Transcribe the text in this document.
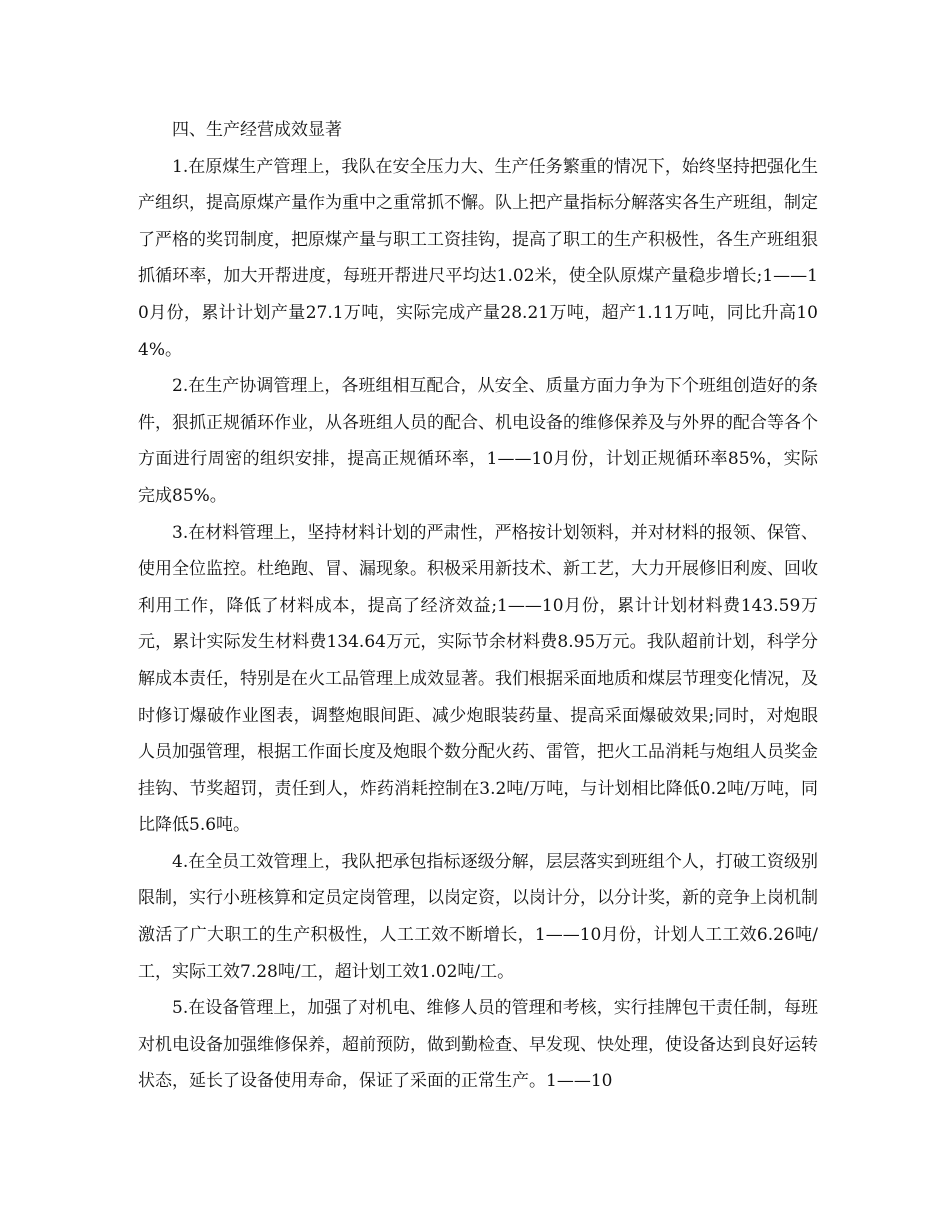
四、生产经营成效显著

1.在原煤生产管理上，我队在安全压力大、生产任务繁重的情况下，始终坚持把强化生产组织，提高原煤产量作为重中之重常抓不懈。队上把产量指标分解落实各生产班组，制定了严格的奖罚制度，把原煤产量与职工工资挂钩，提高了职工的生产积极性，各生产班组狠抓循环率，加大开帮进度，每班开帮进尺平均达1.02米，使全队原煤产量稳步增长;1——10月份，累计计划产量27.1万吨，实际完成产量28.21万吨，超产1.11万吨，同比升高104%。

2.在生产协调管理上，各班组相互配合，从安全、质量方面力争为下个班组创造好的条件，狠抓正规循环作业，从各班组人员的配合、机电设备的维修保养及与外界的配合等各个方面进行周密的组织安排，提高正规循环率，1——10月份，计划正规循环率85%，实际完成85%。

3.在材料管理上，坚持材料计划的严肃性，严格按计划领料，并对材料的报领、保管、使用全位监控。杜绝跑、冒、漏现象。积极采用新技术、新工艺，大力开展修旧利废、回收利用工作，降低了材料成本，提高了经济效益;1——10月份，累计计划材料费143.59万元，累计实际发生材料费134.64万元，实际节余材料费8.95万元。我队超前计划，科学分解成本责任，特别是在火工品管理上成效显著。我们根据采面地质和煤层节理变化情况，及时修订爆破作业图表，调整炮眼间距、减少炮眼装药量、提高采面爆破效果;同时，对炮眼人员加强管理，根据工作面长度及炮眼个数分配火药、雷管，把火工品消耗与炮组人员奖金挂钩、节奖超罚，责任到人，炸药消耗控制在3.2吨/万吨，与计划相比降低0.2吨/万吨，同比降低5.6吨。

4.在全员工效管理上，我队把承包指标逐级分解，层层落实到班组个人，打破工资级别限制，实行小班核算和定员定岗管理，以岗定资，以岗计分，以分计奖，新的竞争上岗机制激活了广大职工的生产积极性，人工工效不断增长，1——10月份，计划人工工效6.26吨/工，实际工效7.28吨/工，超计划工效1.02吨/工。

5.在设备管理上，加强了对机电、维修人员的管理和考核，实行挂牌包干责任制，每班对机电设备加强维修保养，超前预防，做到勤检查、早发现、快处理，使设备达到良好运转状态，延长了设备使用寿命，保证了采面的正常生产。1——10
